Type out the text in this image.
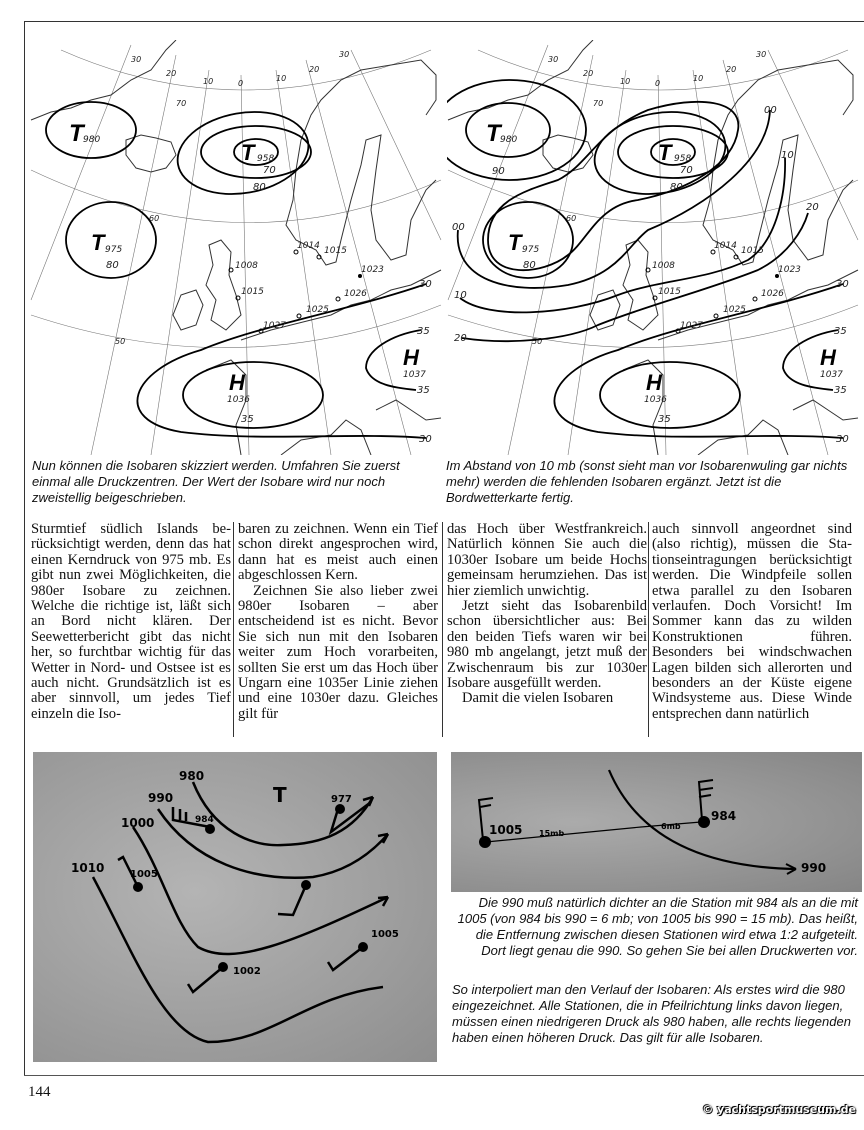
30
20
10	0
10
20
30
70
60
50
T 980	T 958
T 975
H
1036
H
1037
70
80
80
35
35
35
30
30
1008
1015
1027
1014 1015
1023
1026
1025
30
20
10	0
10
20
30
70
60
50
T 980	T 958
T 975
H
1036
H
1037
90	70
80
80
00
00
10
10
20
20
30
35
35
35
30
1008
1015
1027
1014 1015
1023
1026
1025
Nun können die Isobaren skizziert werden. Umfahren Sie zuerst einmal alle Druckzentren. Der Wert der Isobare wird nur noch zweistellig beigeschrieben.
Im Abstand von 10 mb (sonst sieht man vor Isobarenwuling gar nichts mehr) werden die fehlenden Isobaren ergänzt. Jetzt ist die Bordwetterkarte fertig.

Sturmtief südlich Islands berücksichtigt werden, denn das hat einen Kerndruck von 975 mb. Es gibt nun zwei Möglichkeiten, die 980er Isobare zu zeichnen. Welche die richtige ist, läßt sich an Bord nicht klären. Der Seewetterbericht gibt das nicht her, so furchtbar wichtig für das Wetter in Nord- und Ostsee ist es auch nicht. Grundsätzlich ist es aber sinnvoll, um jedes Tief einzeln die Iso-

baren zu zeichnen. Wenn ein Tief schon direkt angesprochen wird, dann hat es meist auch einen abgeschlossen Kern.

Zeichnen Sie also lieber zwei 980er Isobaren – aber entscheidend ist es nicht. Bevor Sie sich nun mit den Isobaren weiter zum Hoch vorarbeiten, sollten Sie erst um das Hoch über Ungarn eine 1035er Linie ziehen und eine 1030er dazu. Gleiches gilt für

das Hoch über Westfrankreich. Natürlich können Sie auch die 1030er Isobare um beide Hochs gemeinsam herumziehen. Das ist hier ziemlich unwichtig.

Jetzt sieht das Isobarenbild schon übersichtlicher aus: Bei den beiden Tiefs waren wir bei 980 mb angelangt, jetzt muß der Zwischenraum bis zur 1030er Isobare ausgefüllt werden.

Damit die vielen Isobaren

auch sinnvoll angeordnet sind (also richtig), müssen die Stationseintragungen berücksichtigt werden. Die Windpfeile sollen etwa parallel zu den Isobaren verlaufen. Doch Vorsicht! Im Sommer kann das zu wilden Konstruktionen führen. Besonders bei windschwachen Lagen bilden sich allerorten und besonders an der Küste eigene Windsysteme aus. Diese Winde entsprechen dann natürlich

980
990
1000
1010
T	977
984
1005
1002
1005
1005
984
990
15mb
6mb
Die 990 muß natürlich dichter an die Station mit 984 als an die mit 1005 (von 984 bis 990 = 6 mb; von 1005 bis 990 = 15 mb). Das heißt, die Entfernung zwischen diesen Stationen wird etwa 1:2 aufgeteilt. Dort liegt genau die 990. So gehen Sie bei allen Druckwerten vor.
So interpoliert man den Verlauf der Isobaren: Als erstes wird die 980 eingezeichnet. Alle Stationen, die in Pfeilrichtung links davon liegen, müssen einen niedrigeren Druck als 980 haben, alle rechts liegenden haben einen höheren Druck. Das gilt für alle Isobaren.
144
© yachtsportmuseum.de
